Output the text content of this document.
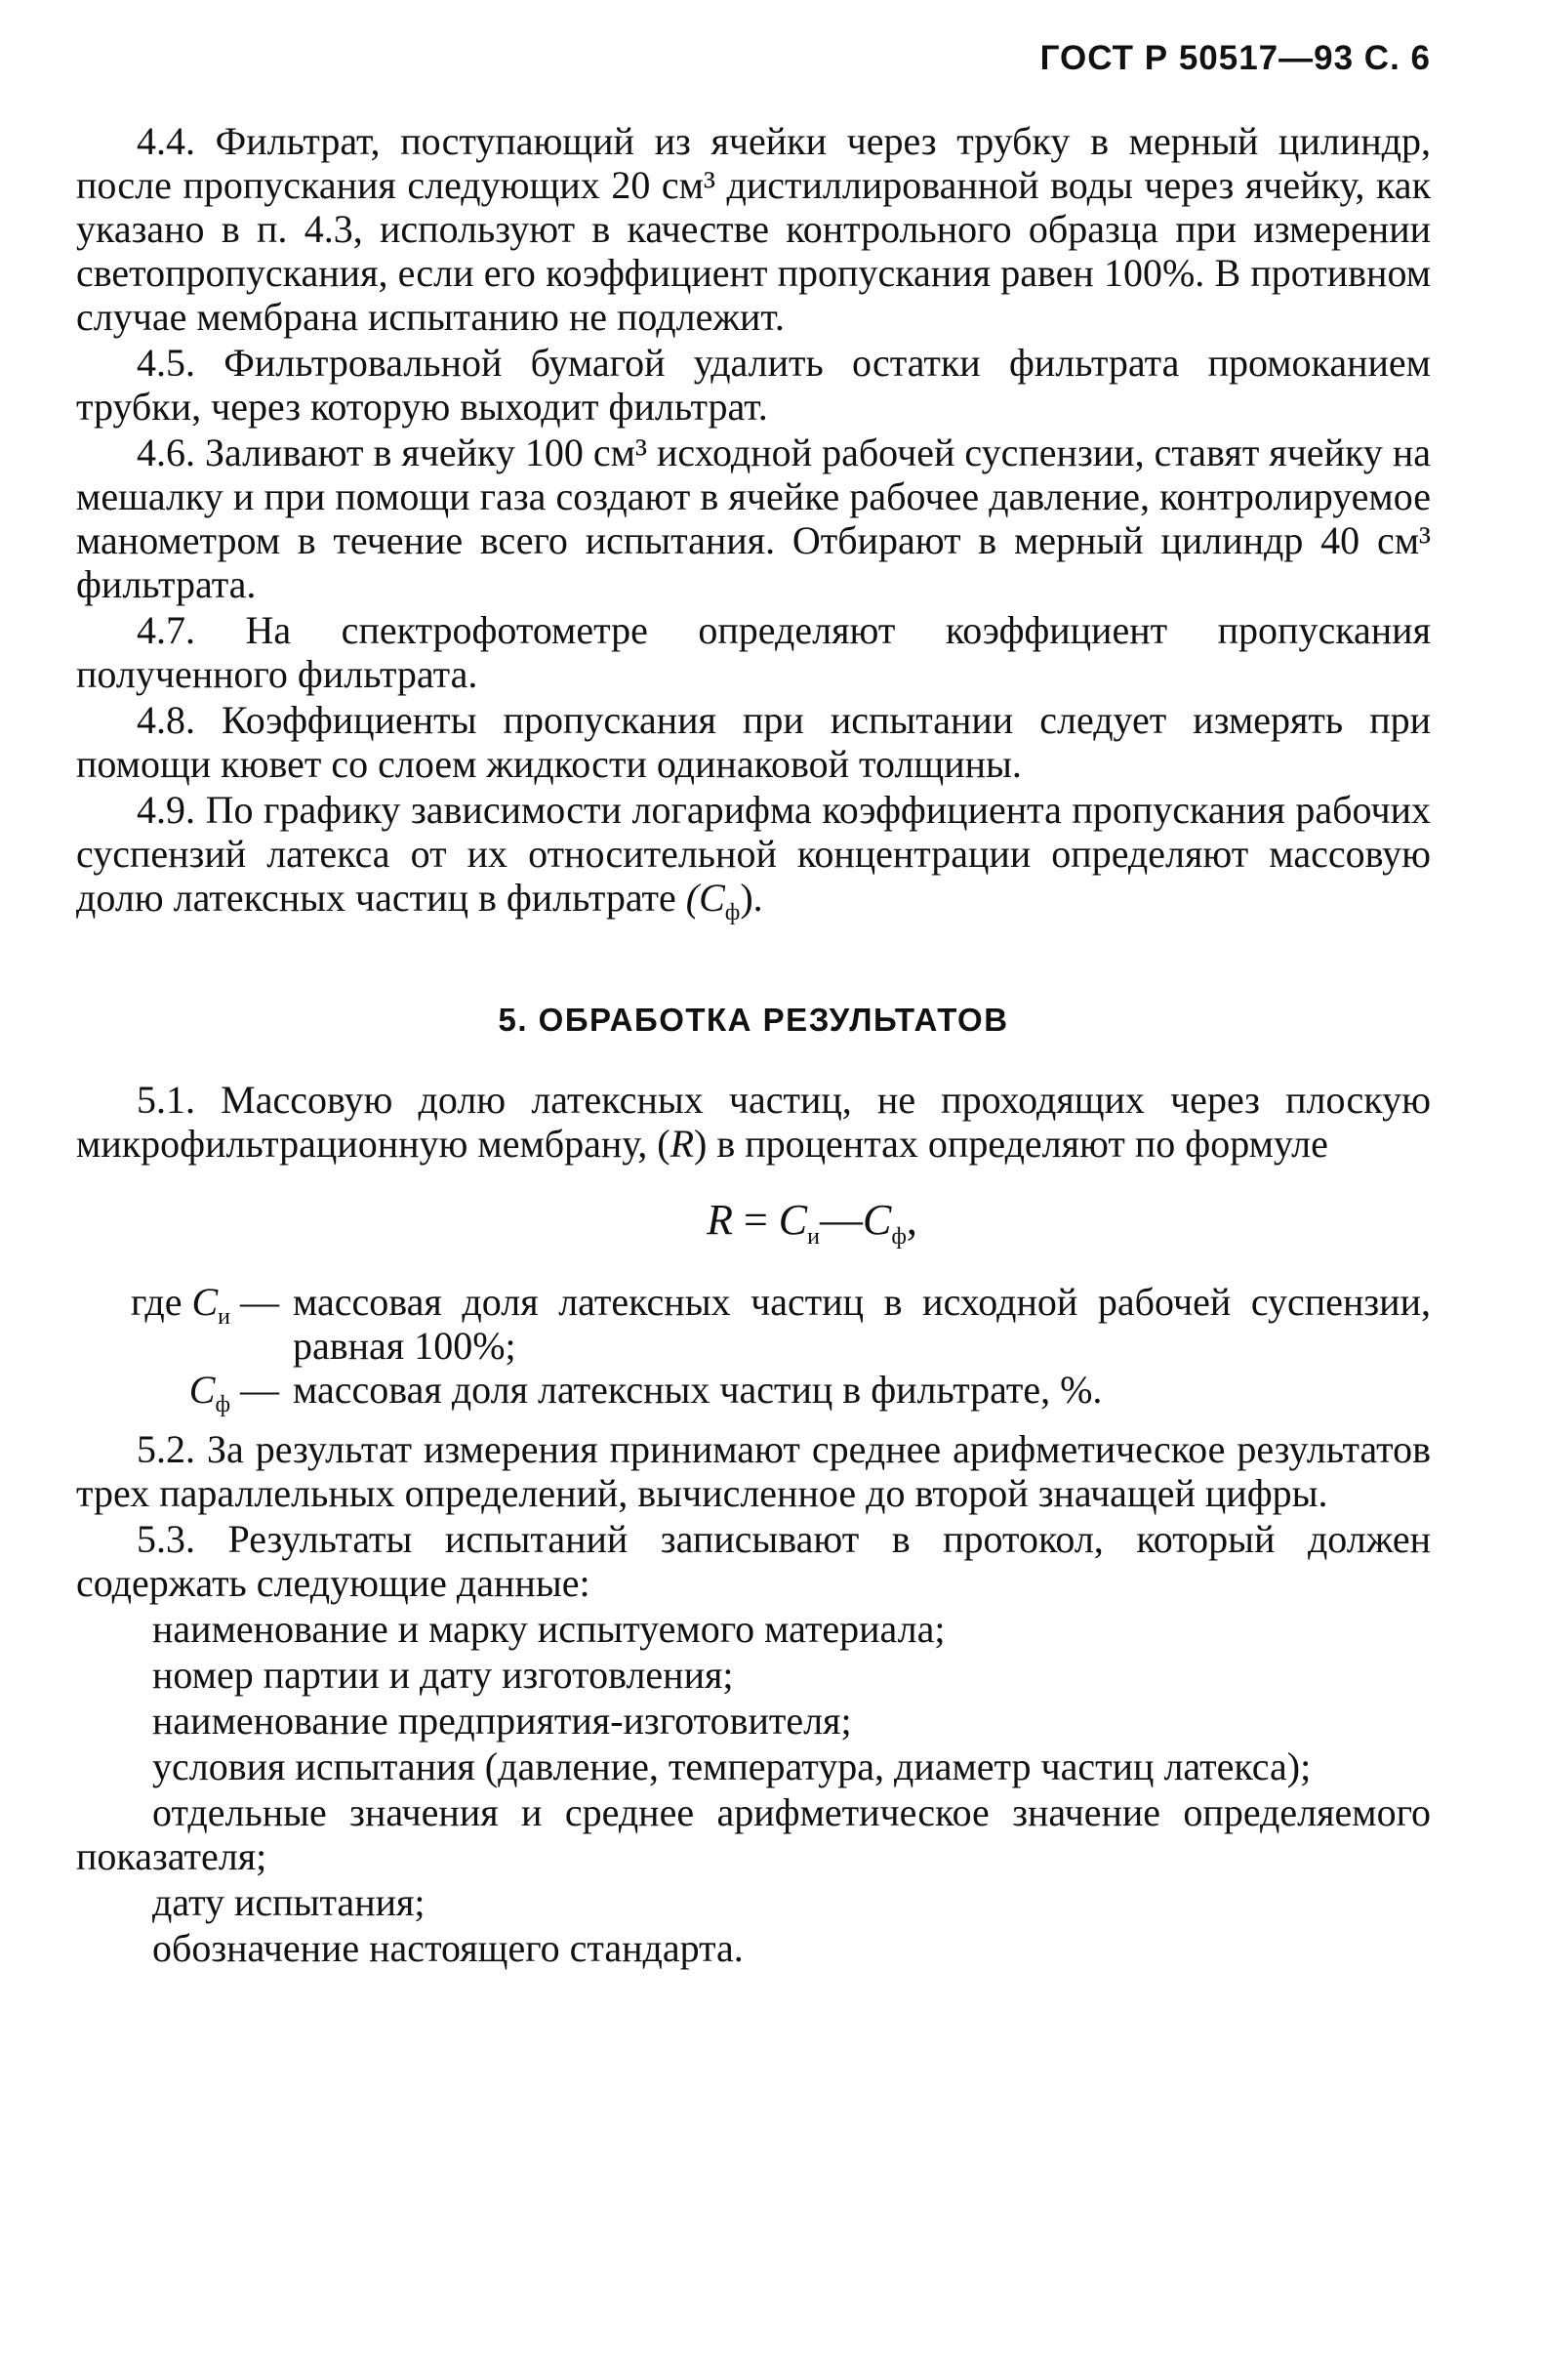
ГОСТ Р 50517—93 С. 6

4.4. Фильтрат, поступающий из ячейки через трубку в мерный цилиндр, после пропускания следующих 20 см³ дистиллированной воды через ячейку, как указано в п. 4.3, используют в качестве контрольного образца при измерении светопропускания, если его коэффициент пропускания равен 100%. В противном случае мембрана испытанию не подлежит.

4.5. Фильтровальной бумагой удалить остатки фильтрата промоканием трубки, через которую выходит фильтрат.

4.6. Заливают в ячейку 100 см³ исходной рабочей суспензии, ставят ячейку на мешалку и при помощи газа создают в ячейке рабочее давление, контролируемое манометром в течение всего испытания. Отбирают в мерный цилиндр 40 см³ фильтрата.

4.7. На спектрофотометре определяют коэффициент пропускания полученного фильтрата.

4.8. Коэффициенты пропускания при испытании следует измерять при помощи кювет со слоем жидкости одинаковой толщины.

4.9. По графику зависимости логарифма коэффициента пропускания рабочих суспензий латекса от их относительной концентрации определяют массовую долю латексных частиц в фильтрате $(C_ф)$.

5. ОБРАБОТКА РЕЗУЛЬТАТОВ

5.1. Массовую долю латексных частиц, не проходящих через плоскую микрофильтрационную мембрану, (R) в процентах определяют по формуле

$R = C_и—C_ф$,
где $C_и$ — массовая доля латексных частиц в исходной рабочей суспензии, равная 100%;
$C_ф$ — массовая доля латексных частиц в фильтрате, %.

5.2. За результат измерения принимают среднее арифметическое результатов трех параллельных определений, вычисленное до второй значащей цифры.

5.3. Результаты испытаний записывают в протокол, который должен содержать следующие данные:

наименование и марку испытуемого материала;

номер партии и дату изготовления;

наименование предприятия-изготовителя;

условия испытания (давление, температура, диаметр частиц латекса);

отдельные значения и среднее арифметическое значение определяемого показателя;

дату испытания;

обозначение настоящего стандарта.
